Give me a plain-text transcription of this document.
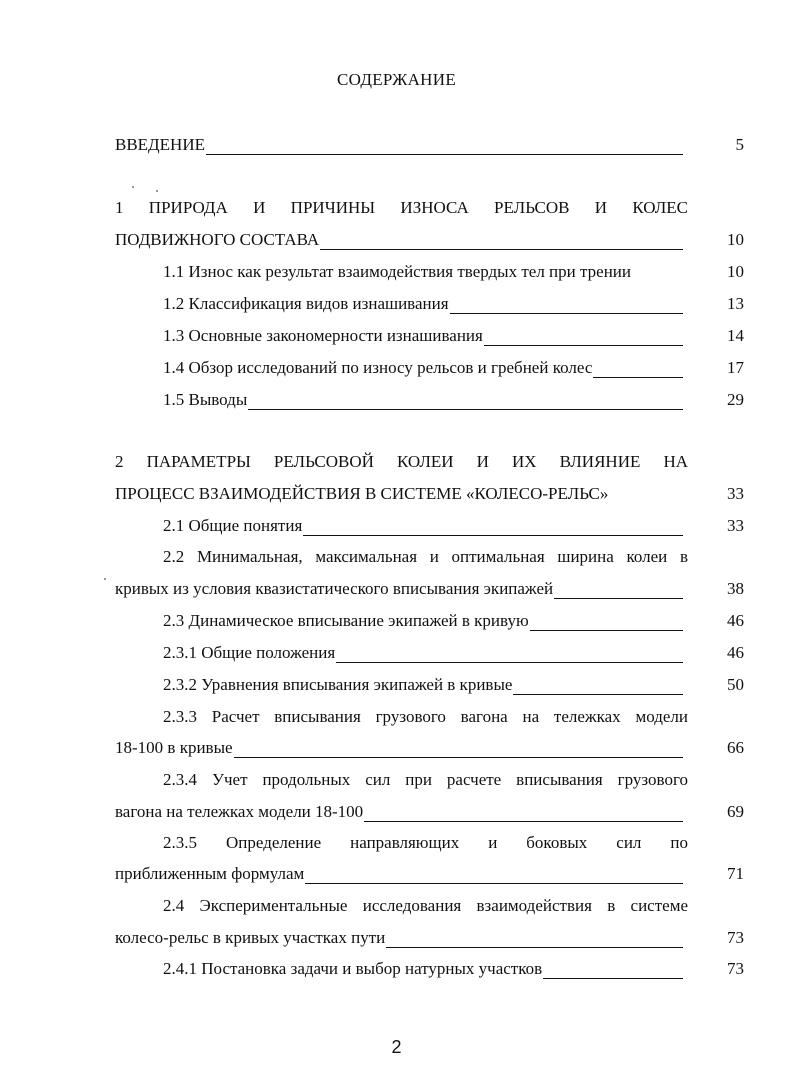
СОДЕРЖАНИЕ
ВВЕДЕНИЕ	5
1 ПРИРОДА И ПРИЧИНЫ ИЗНОСА РЕЛЬСОВ И КОЛЕС
ПОДВИЖНОГО СОСТАВА	10
1.1 Износ как результат взаимодействия твердых тел при трении	10
1.2 Классификация видов изнашивания	13
1.3 Основные закономерности изнашивания	14
1.4 Обзор исследований по износу рельсов и гребней колес	17
1.5 Выводы	29
2 ПАРАМЕТРЫ РЕЛЬСОВОЙ КОЛЕИ И ИХ ВЛИЯНИЕ НА
ПРОЦЕСС ВЗАИМОДЕЙСТВИЯ В СИСТЕМЕ «КОЛЕСО-РЕЛЬС»	33
2.1 Общие понятия	33
2.2 Минимальная, максимальная и оптимальная ширина колеи в
кривых из условия квазистатического вписывания экипажей	38
2.3 Динамическое вписывание экипажей в кривую	46
2.3.1 Общие положения	46
2.3.2 Уравнения вписывания экипажей в кривые	50
2.3.3 Расчет вписывания грузового вагона на тележках модели
18-100 в кривые	66
2.3.4 Учет продольных сил при расчете вписывания грузового
вагона на тележках модели 18-100	69
2.3.5 Определение направляющих и боковых сил по
приближенным формулам	71
2.4 Экспериментальные исследования взаимодействия в системе
колесо-рельс в кривых участках пути	73
2.4.1 Постановка задачи и выбор натурных участков	73
2
